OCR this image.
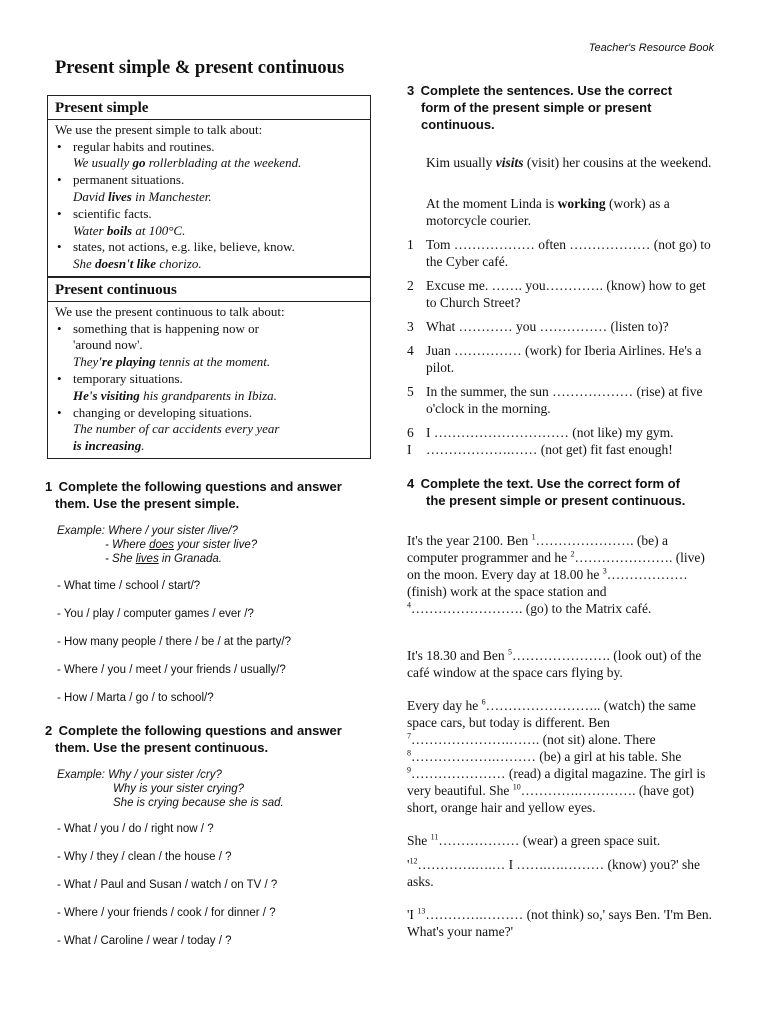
Teacher's Resource Book
Present simple & present continuous
Present simple
We use the present simple to talk about:
• regular habits and routines.
We usually go rollerblading at the weekend.
• permanent situations.
David lives in Manchester.
• scientific facts.
Water boils at 100°C.
• states, not actions, e.g. like, believe, know.
She doesn't like chorizo.
Present continuous
We use the present continuous to talk about:
• something that is happening now or
'around now'.
They're playing tennis at the moment.
• temporary situations.
He's visiting his grandparents in Ibiza.
• changing or developing situations.
The number of car accidents every year
is increasing.
1 Complete the following questions and answer
them. Use the present simple.
Example: Where / your sister /live/?
- Where does your sister live?
- She lives in Granada.
- What time / school / start/?
- You / play / computer games / ever /?
- How many people / there / be / at the party/?
- Where / you / meet / your friends / usually/?
- How / Marta / go / to school/?
2 Complete the following questions and answer
them. Use the present continuous.
Example: Why / your sister /cry?
Why is your sister crying?
She is crying because she is sad.
- What / you / do / right now / ?
- Why / they / clean / the house / ?
- What / Paul and Susan / watch / on TV / ?
- Where / your friends / cook / for dinner / ?
- What / Caroline / wear / today / ?
3 Complete the sentences. Use the correct
form of the present simple or present
continuous.
Kim usually visits (visit) her cousins at the weekend.
At the moment Linda is working (work) as a motorcycle courier.
1 Tom ……………… often ……………… (not go) to the Cyber café.
2 Excuse me. ……. you…………. (know) how to get to Church Street?
3 What ………… you …………… (listen to)?
4 Juan …………… (work) for Iberia Airlines. He's a pilot.
5 In the summer, the sun ……………… (rise) at five o'clock in the morning.
6 I ………………………… (not like) my gym.
I	……………….…… (not get) fit fast enough!
4 Complete the text. Use the correct form of
the present simple or present continuous.
It's the year 2100. Ben $^1$…………………. (be) a computer programmer and he $^2$…………………. (live) on the moon. Every day at 18.00 he $^3$……………… (finish) work at the space station and $^4$……………………. (go) to the Matrix café.
It's 18.30 and Ben $^5$…………………. (look out) of the café window at the space cars flying by.
Every day he $^6$…………………….. (watch) the same space cars, but today is different. Ben $^7$………………….……. (not sit) alone. There $^8$……………….……… (be) a girl at his table. She $^9$………………… (read) a digital magazine. The girl is very beautiful. She $^{10}$………….…………. (have got) short, orange hair and yellow eyes.
She $^{11}$……………… (wear) a green space suit.
'$^{12}\dots\dots\dots\dots.\dots.\dots$ I …….….……… (know) you?' she asks.
'I $^{13}$………….……… (not think) so,' says Ben. 'I'm Ben. What's your name?'
